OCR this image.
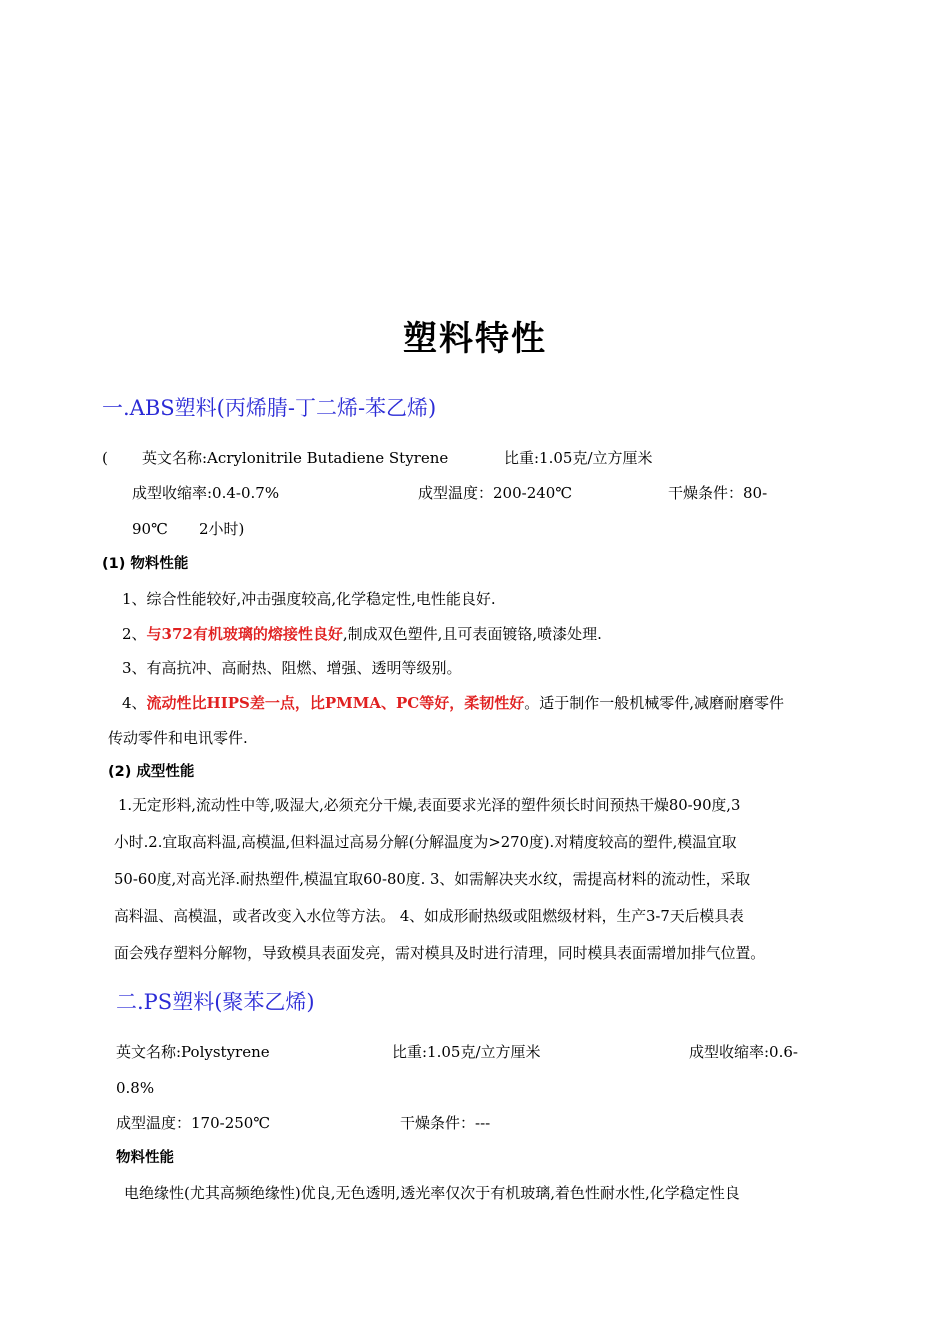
塑料特性
一.ABS塑料(丙烯腈-丁二烯-苯乙烯)
( 英文名称:Acrylonitrile Butadiene Styrene	比重:1.05克/立方厘米
成型收缩率:0.4-0.7%	成型温度：200-240℃	干燥条件：80-
90℃ 2小时)
(1) 物料性能
1、综合性能较好,冲击强度较高,化学稳定性,电性能良好.
2、与372有机玻璃的熔接性良好,制成双色塑件,且可表面镀铬,喷漆处理.
3、有高抗冲、高耐热、阻燃、增强、透明等级别。
4、流动性比HIPS差一点，比PMMA、PC等好，柔韧性好。适于制作一般机械零件,减磨耐磨零件
传动零件和电讯零件.
(2) 成型性能
1.无定形料,流动性中等,吸湿大,必须充分干燥,表面要求光泽的塑件须长时间预热干燥80-90度,3
小时.2.宜取高料温,高模温,但料温过高易分解(分解温度为>270度).对精度较高的塑件,模温宜取
50-60度,对高光泽.耐热塑件,模温宜取60-80度. 3、如需解决夹水纹，需提高材料的流动性，采取
高料温、高模温，或者改变入水位等方法。 4、如成形耐热级或阻燃级材料，生产3-7天后模具表
面会残存塑料分解物，导致模具表面发亮，需对模具及时进行清理，同时模具表面需增加排气位置。
二.PS塑料(聚苯乙烯)
英文名称:Polystyrene	比重:1.05克/立方厘米	成型收缩率:0.6-
0.8%
成型温度：170-250℃	干燥条件：---
物料性能
电绝缘性(尤其高频绝缘性)优良,无色透明,透光率仅次于有机玻璃,着色性耐水性,化学稳定性良
